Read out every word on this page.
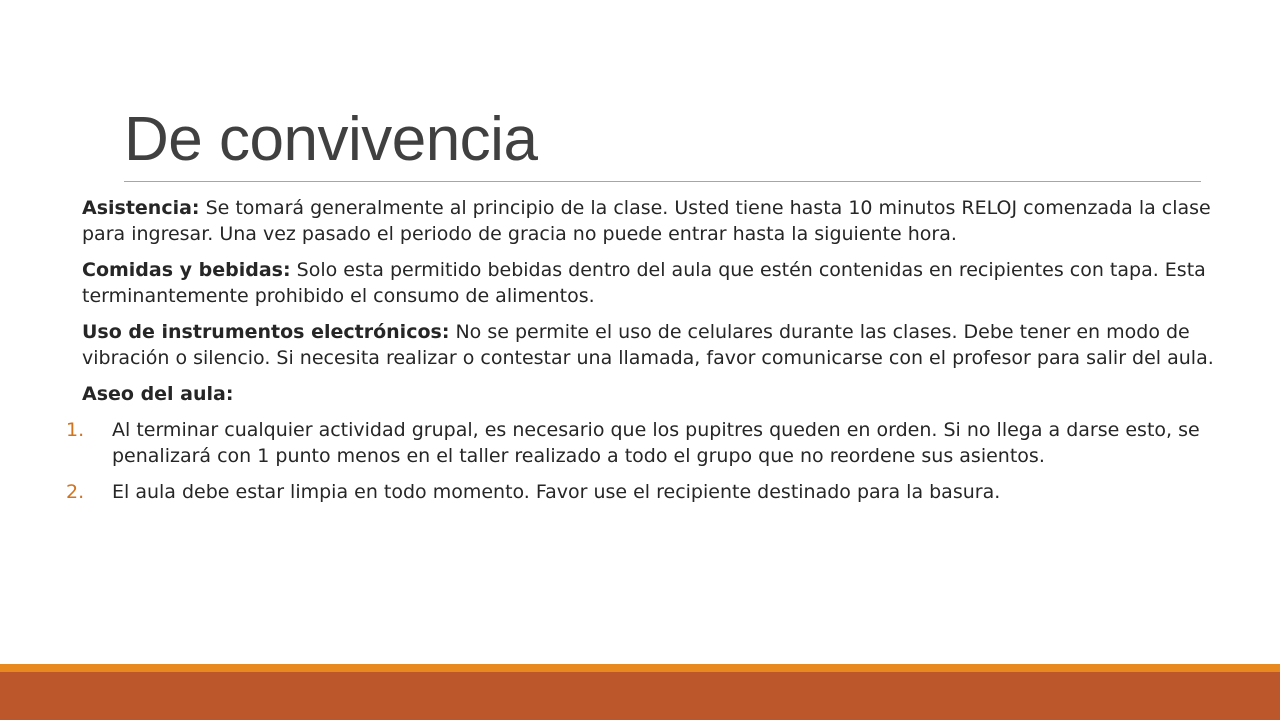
De convivencia

Asistencia: Se tomará generalmente al principio de la clase. Usted tiene hasta 10 minutos RELOJ comenzada la clase para ingresar. Una vez pasado el periodo de gracia no puede entrar hasta la siguiente hora.

Comidas y bebidas: Solo esta permitido bebidas dentro del aula que estén contenidas en recipientes con tapa. Esta terminantemente prohibido el consumo de alimentos.

Uso de instrumentos electrónicos: No se permite el uso de celulares durante las clases. Debe tener en modo de vibración o silencio. Si necesita realizar o contestar una llamada, favor comunicarse con el profesor para salir del aula.

Aseo del aula:

1. Al terminar cualquier actividad grupal, es necesario que los pupitres queden en orden. Si no llega a darse esto, se penalizará con 1 punto menos en el taller realizado a todo el grupo que no reordene sus asientos.

2. El aula debe estar limpia en todo momento. Favor use el recipiente destinado para la basura.
